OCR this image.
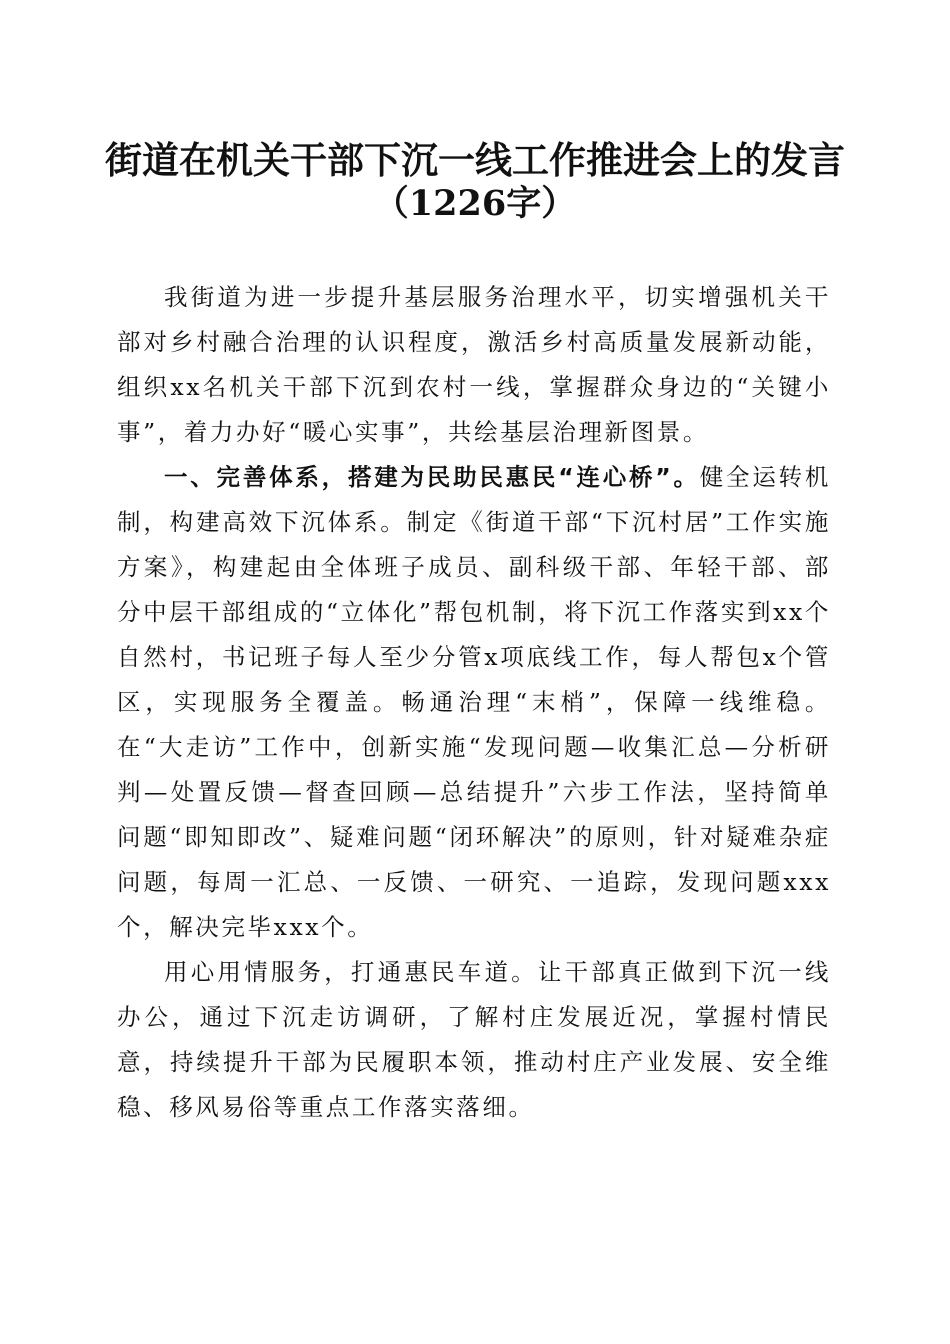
街道在机关干部下沉一线工作推进会上的发言
（1226字）

我街道为进一步提升基层服务治理水平，切实增强机关干部对乡村融合治理的认识程度，激活乡村高质量发展新动能，组织xx名机关干部下沉到农村一线，掌握群众身边的“关键小事”，着力办好“暖心实事”，共绘基层治理新图景。

一、完善体系，搭建为民助民惠民“连心桥”。健全运转机制，构建高效下沉体系。制定《街道干部“下沉村居”工作实施方案》，构建起由全体班子成员、副科级干部、年轻干部、部分中层干部组成的“立体化”帮包机制，将下沉工作落实到xx个自然村，书记班子每人至少分管x项底线工作，每人帮包x个管区，实现服务全覆盖。畅通治理“末梢”，保障一线维稳。在“大走访”工作中，创新实施“发现问题—收集汇总—分析研判—处置反馈—督查回顾—总结提升”六步工作法，坚持简单问题“即知即改”、疑难问题“闭环解决”的原则，针对疑难杂症问题，每周一汇总、一反馈、一研究、一追踪，发现问题xxx个，解决完毕xxx个。

用心用情服务，打通惠民车道。让干部真正做到下沉一线办公，通过下沉走访调研，了解村庄发展近况，掌握村情民意，持续提升干部为民履职本领，推动村庄产业发展、安全维稳、移风易俗等重点工作落实落细。
